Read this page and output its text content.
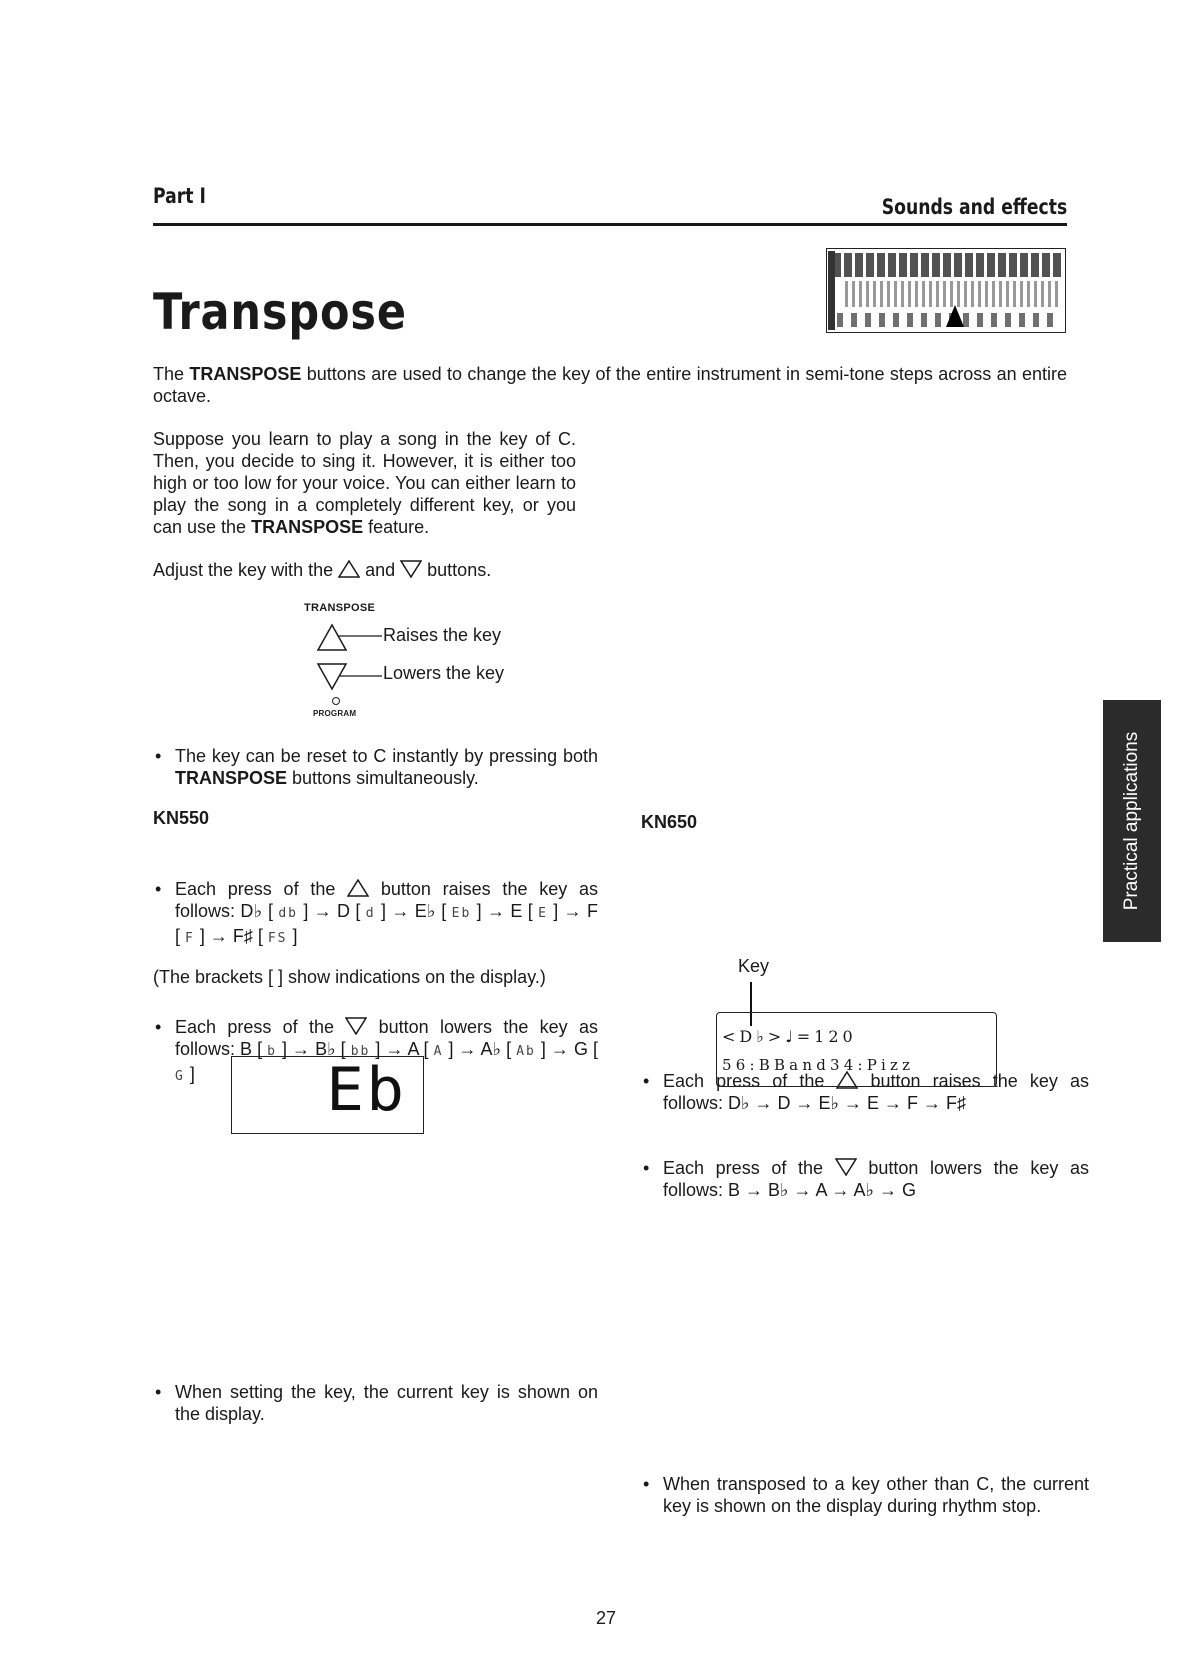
Part I	Sounds and effects
Transpose
The TRANSPOSE buttons are used to change the key of the entire instrument in semi-tone steps across an entire octave.
Suppose you learn to play a song in the key of C. Then, you decide to sing it. However, it is either too high or too low for your voice. You can either learn to play the song in a completely different key, or you can use the TRANSPOSE feature.
Adjust the key with the  and  buttons.
TRANSPOSE
Raises the key
Lowers the key
PROGRAM
• The key can be reset to C instantly by pressing both TRANSPOSE buttons simultaneously.
KN550
• Each press of the  button raises the key as follows: D♭ [ db ] → D [ d ] → E♭ [ Eb ] → E [ E ] → F [ F ] → F♯ [ FS ]
• Each press of the  button lowers the key as follows: B [ b ] → B♭ [ bb ] → A [ A ] → A♭ [ Ab ] → G [ G ]
(The brackets [ ] show indications on the display.)
Eb
• When setting the key, the current key is shown on the display.
KN650
• Each press of the  button raises the key as follows: D♭ → D → E♭ → E → F → F♯
• Each press of the  button lowers the key as follows: B → B♭ → A → A♭ → G
Key
<D♭>♩=120
56:BBand34:Pizz
• When transposed to a key other than C, the current key is shown on the display during rhythm stop.
Practical applications
27
